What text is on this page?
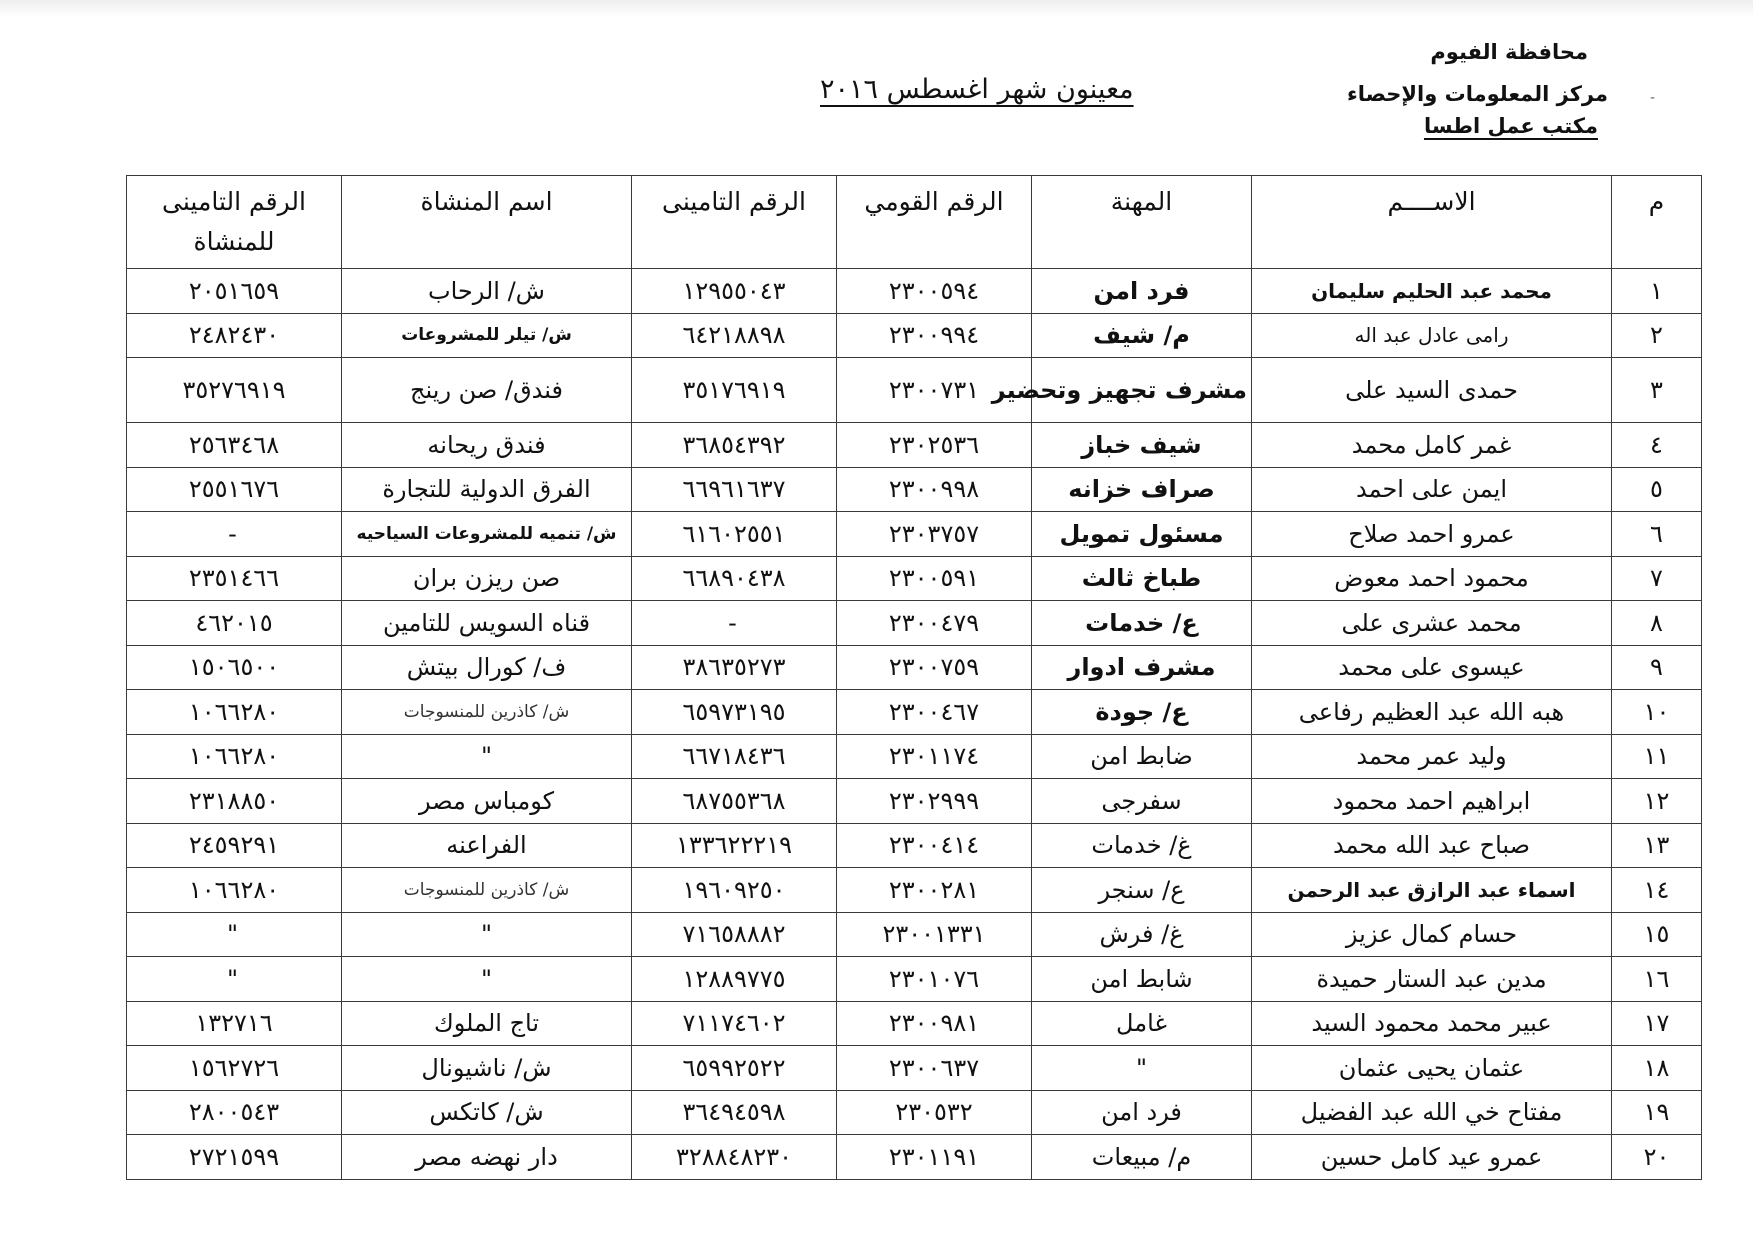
محافظة الفيوم
مركز المعلومات والإحصاء	-
مكتب عمل اطسا
معينون شهر اغسطس ٢٠١٦
م	الاســــم	المهنة	الرقم القومي	الرقم التامينى	اسم المنشاة	الرقم التامينى للمنشاة
١	محمد عبد الحليم سليمان	فرد امن	٢٣٠٠٥٩٤	١٢٩٥٥٠٤٣	ش/ الرحاب	٢٠٥١٦٥٩
٢	رامى عادل عبد اله	م/ شيف	٢٣٠٠٩٩٤	٦٤٢١٨٨٩٨	ش/ تيلر للمشروعات	٢٤٨٢٤٣٠
٣	حمدى السيد على	مشرف تجهيز وتحضير	٢٣٠٠٧٣١	٣٥١٧٦٩١٩	فندق/ صن رينج	٣٥٢٧٦٩١٩
٤	غمر كامل محمد	شيف خباز	٢٣٠٢٥٣٦	٣٦٨٥٤٣٩٢	فندق ريحانه	٢٥٦٣٤٦٨
٥	ايمن على احمد	صراف خزانه	٢٣٠٠٩٩٨	٦٦٩٦١٦٣٧	الفرق الدولية للتجارة	٢٥٥١٦٧٦
٦	عمرو احمد صلاح	مسئول تمويل	٢٣٠٣٧٥٧	٦١٦٠٢٥٥١	ش/ تنميه للمشروعات السياحيه	-
٧	محمود احمد معوض	طباخ ثالث	٢٣٠٠٥٩١	٦٦٨٩٠٤٣٨	صن ريزن بران	٢٣٥١٤٦٦
٨	محمد عشرى على	ع/ خدمات	٢٣٠٠٤٧٩	-	قناه السويس للتامين	٤٦٢٠١٥
٩	عيسوى على محمد	مشرف ادوار	٢٣٠٠٧٥٩	٣٨٦٣٥٢٧٣	ف/ كورال بيتش	١٥٠٦٥٠٠
١٠	هبه الله عبد العظيم رفاعى	ع/ جودة	٢٣٠٠٤٦٧	٦٥٩٧٣١٩٥	ش/ كاذرين للمنسوجات	١٠٦٦٢٨٠
١١	وليد عمر محمد	ضابط امن	٢٣٠١١٧٤	٦٦٧١٨٤٣٦	"	١٠٦٦٢٨٠
١٢	ابراهيم احمد محمود	سفرجى	٢٣٠٢٩٩٩	٦٨٧٥٥٣٦٨	كومباس مصر	٢٣١٨٨٥٠
١٣	صباح عبد الله محمد	غ/ خدمات	٢٣٠٠٤١٤	١٣٣٦٢٢٢١٩	الفراعنه	٢٤٥٩٢٩١
١٤	اسماء عبد الرازق عبد الرحمن	ع/ سنجر	٢٣٠٠٢٨١	١٩٦٠٩٢٥٠	ش/ كاذرين للمنسوجات	١٠٦٦٢٨٠
١٥	حسام كمال عزيز	غ/ فرش	٢٣٠٠١٣٣١	٧١٦٥٨٨٨٢	"	"
١٦	مدين عبد الستار حميدة	شابط امن	٢٣٠١٠٧٦	١٢٨٨٩٧٧٥	"	"
١٧	عبير محمد محمود السيد	غامل	٢٣٠٠٩٨١	٧١١٧٤٦٠٢	تاج الملوك	١٣٢٧١٦
١٨	عثمان يحيى عثمان	"	٢٣٠٠٦٣٧	٦٥٩٩٢٥٢٢	ش/ ناشيونال	١٥٦٢٧٢٦
١٩	مفتاح خي الله عبد الفضيل	فرد امن	٢٣٠٥٣٢	٣٦٤٩٤٥٩٨	ش/ كاتكس	٢٨٠٠٥٤٣
٢٠	عمرو عيد كامل حسين	م/ مبيعات	٢٣٠١١٩١	٣٢٨٨٤٨٢٣٠	دار نهضه مصر	٢٧٢١٥٩٩
